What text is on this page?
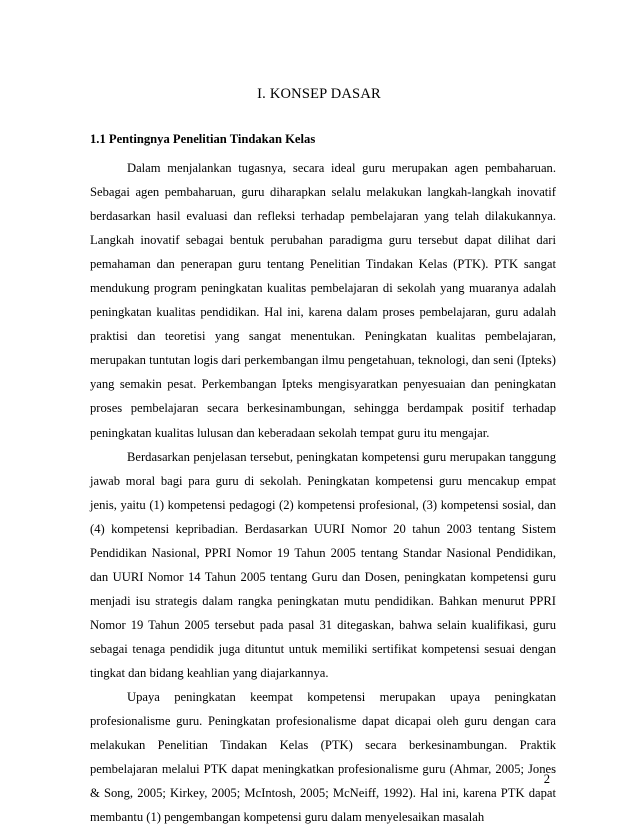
I. KONSEP DASAR
1.1 Pentingnya Penelitian Tindakan Kelas

Dalam menjalankan tugasnya, secara ideal guru merupakan agen pembaharuan. Sebagai agen pembaharuan, guru diharapkan selalu melakukan langkah-langkah inovatif berdasarkan hasil evaluasi dan refleksi terhadap pembelajaran yang telah dilakukannya. Langkah inovatif sebagai bentuk perubahan paradigma guru tersebut dapat dilihat dari pemahaman dan penerapan guru tentang Penelitian Tindakan Kelas (PTK). PTK sangat mendukung program peningkatan kualitas pembelajaran di sekolah yang muaranya adalah peningkatan kualitas pendidikan. Hal ini, karena dalam proses pembelajaran, guru adalah praktisi dan teoretisi yang sangat menentukan. Peningkatan kualitas pembelajaran, merupakan tuntutan logis dari perkembangan ilmu pengetahuan, teknologi, dan seni (Ipteks) yang semakin pesat. Perkembangan Ipteks mengisyaratkan penyesuaian dan peningkatan proses pembelajaran secara berkesinambungan, sehingga berdampak positif terhadap peningkatan kualitas lulusan dan keberadaan sekolah tempat guru itu mengajar.

Berdasarkan penjelasan tersebut, peningkatan kompetensi guru merupakan tanggung jawab moral bagi para guru di sekolah. Peningkatan kompetensi guru mencakup empat jenis, yaitu (1) kompetensi pedagogi (2) kompetensi profesional, (3) kompetensi sosial, dan (4) kompetensi kepribadian. Berdasarkan UURI Nomor 20 tahun 2003 tentang Sistem Pendidikan Nasional, PPRI Nomor 19 Tahun 2005 tentang Standar Nasional Pendidikan, dan UURI Nomor 14 Tahun 2005 tentang Guru dan Dosen, peningkatan kompetensi guru menjadi isu strategis dalam rangka peningkatan mutu pendidikan. Bahkan menurut PPRI Nomor 19 Tahun 2005 tersebut pada pasal 31 ditegaskan, bahwa selain kualifikasi, guru sebagai tenaga pendidik juga dituntut untuk memiliki sertifikat kompetensi sesuai dengan tingkat dan bidang keahlian yang diajarkannya.

Upaya peningkatan keempat kompetensi merupakan upaya peningkatan profesionalisme guru. Peningkatan profesionalisme dapat dicapai oleh guru dengan cara melakukan Penelitian Tindakan Kelas (PTK) secara berkesinambungan. Praktik pembelajaran melalui PTK dapat meningkatkan profesionalisme guru (Ahmar, 2005; Jones & Song, 2005; Kirkey, 2005; McIntosh, 2005; McNeiff, 1992). Hal ini, karena PTK dapat membantu (1) pengembangan kompetensi guru dalam menyelesaikan masalah

2
